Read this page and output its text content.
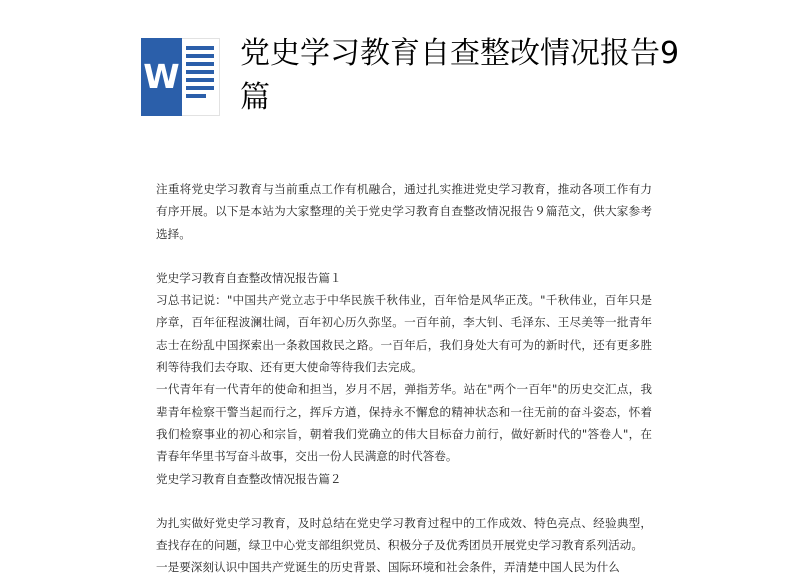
W
党史学习教育自查整改情况报告9篇

注重将党史学习教育与当前重点工作有机融合，通过扎实推进党史学习教育，推动各项工作有力有序开展。以下是本站为大家整理的关于党史学习教育自查整改情况报告９篇范文，供大家参考选择。

党史学习教育自查整改情况报告篇１

习总书记说："中国共产党立志于中华民族千秋伟业，百年恰是风华正茂。"千秋伟业，百年只是序章，百年征程波澜壮阔，百年初心历久弥坚。一百年前，李大钊、毛泽东、王尽美等一批青年志士在纷乱中国探索出一条救国救民之路。一百年后，我们身处大有可为的新时代，还有更多胜利等待我们去夺取、还有更大使命等待我们去完成。

一代青年有一代青年的使命和担当，岁月不居，弹指芳华。站在"两个一百年"的历史交汇点，我辈青年检察干警当起而行之，挥斥方遒，保持永不懈怠的精神状态和一往无前的奋斗姿态，怀着我们检察事业的初心和宗旨，朝着我们党确立的伟大目标奋力前行，做好新时代的"答卷人"，在青春年华里书写奋斗故事，交出一份人民满意的时代答卷。

党史学习教育自查整改情况报告篇２

为扎实做好党史学习教育，及时总结在党史学习教育过程中的工作成效、特色亮点、经验典型，查找存在的问题，绿卫中心党支部组织党员、积极分子及优秀团员开展党史学习教育系列活动。

一是要深刻认识中国共产党诞生的历史背景、国际环境和社会条件，弄清楚中国人民为什么
